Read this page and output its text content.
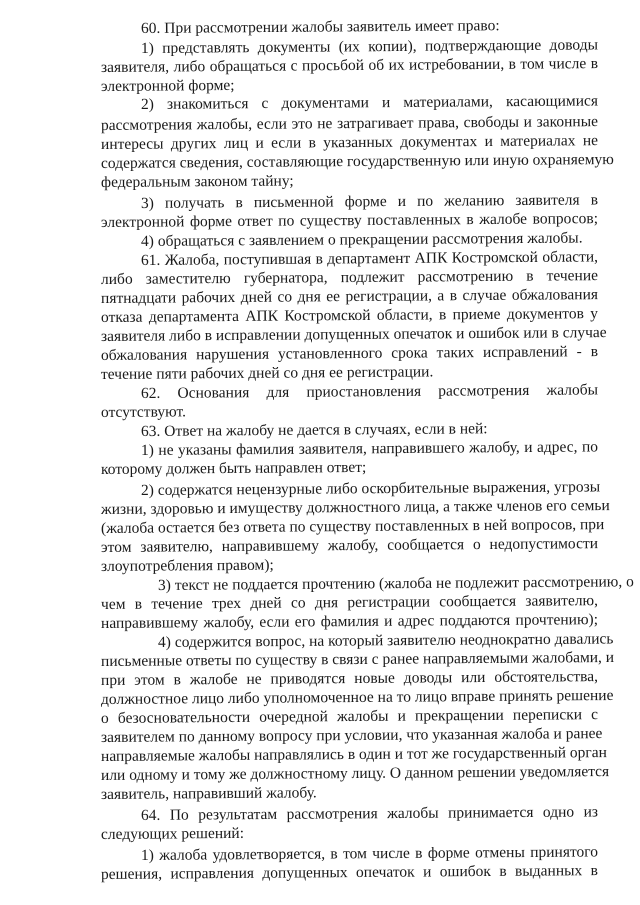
60. При рассмотрении жалобы заявитель имеет право:

1) представлять документы (их копии), подтверждающие доводы

заявителя, либо обращаться с просьбой об их истребовании, в том числе в

электронной форме;

2) знакомиться с документами и материалами, касающимися

рассмотрения жалобы, если это не затрагивает права, свободы и законные

интересы других лиц и если в указанных документах и материалах не

содержатся сведения, составляющие государственную или иную охраняемую

федеральным законом тайну;

3) получать в письменной форме и по желанию заявителя в

электронной форме ответ по существу поставленных в жалобе вопросов;

4) обращаться с заявлением о прекращении рассмотрения жалобы.

61. Жалоба, поступившая в департамент АПК Костромской области,

либо заместителю губернатора, подлежит рассмотрению в течение

пятнадцати рабочих дней со дня ее регистрации, а в случае обжалования

отказа департамента АПК Костромской области, в приеме документов у

заявителя либо в исправлении допущенных опечаток и ошибок или в случае

обжалования нарушения установленного срока таких исправлений - в

течение пяти рабочих дней со дня ее регистрации.

62. Основания для приостановления рассмотрения жалобы

отсутствуют.

63. Ответ на жалобу не дается в случаях, если в ней:

1) не указаны фамилия заявителя, направившего жалобу, и адрес, по

которому должен быть направлен ответ;

2) содержатся нецензурные либо оскорбительные выражения, угрозы

жизни, здоровью и имуществу должностного лица, а также членов его семьи

(жалоба остается без ответа по существу поставленных в ней вопросов, при

этом заявителю, направившему жалобу, сообщается о недопустимости

злоупотребления правом);

3) текст не поддается прочтению (жалоба не подлежит рассмотрению, о

чем в течение трех дней со дня регистрации сообщается заявителю,

направившему жалобу, если его фамилия и адрес поддаются прочтению);

4) содержится вопрос, на который заявителю неоднократно давались

письменные ответы по существу в связи с ранее направляемыми жалобами, и

при этом в жалобе не приводятся новые доводы или обстоятельства,

должностное лицо либо уполномоченное на то лицо вправе принять решение

о безосновательности очередной жалобы и прекращении переписки с

заявителем по данному вопросу при условии, что указанная жалоба и ранее

направляемые жалобы направлялись в один и тот же государственный орган

или одному и тому же должностному лицу. О данном решении уведомляется

заявитель, направивший жалобу.

64. По результатам рассмотрения жалобы принимается одно из

следующих решений:

1) жалоба удовлетворяется, в том числе в форме отмены принятого

решения, исправления допущенных опечаток и ошибок в выданных в
